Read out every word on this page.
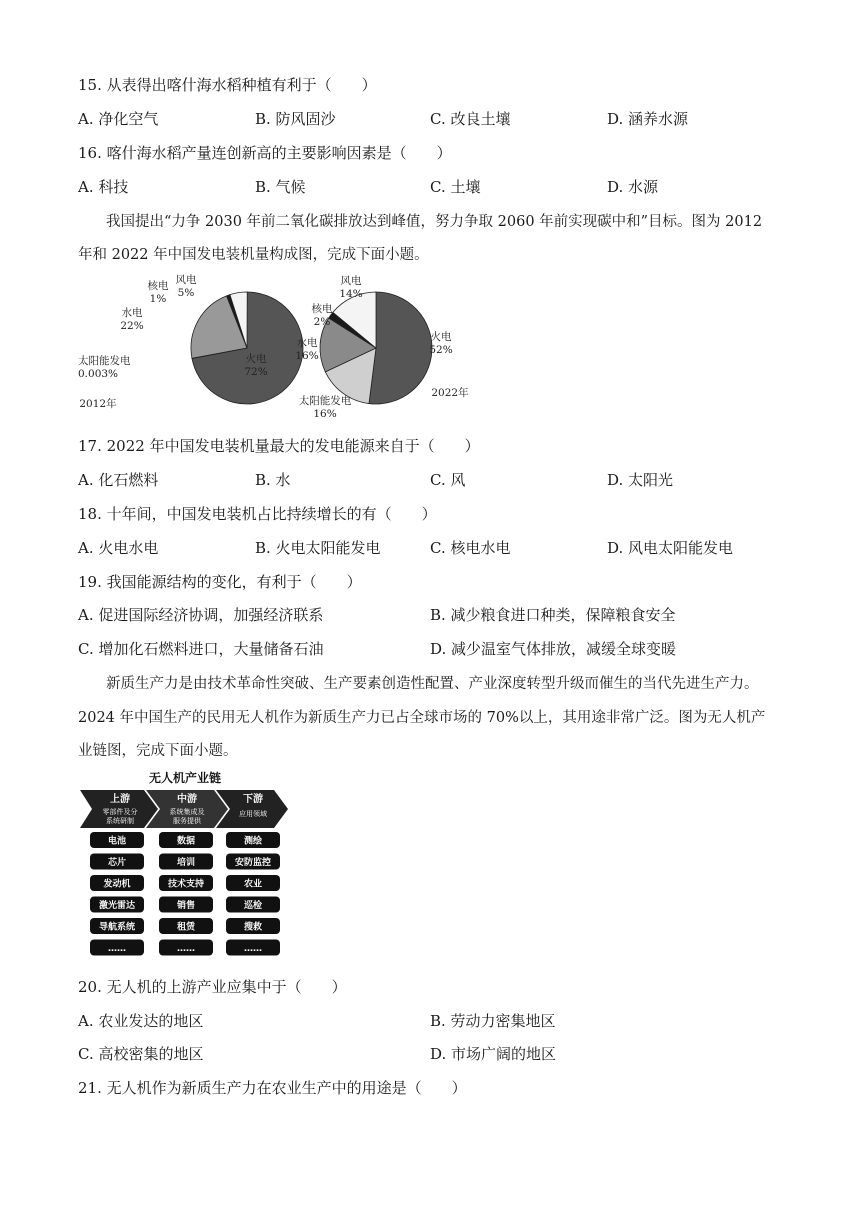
15. 从表得出喀什海水稻种植有利于（　　）
A. 净化空气	B. 防风固沙	C. 改良土壤	D. 涵养水源
16. 喀什海水稻产量连创新高的主要影响因素是（　　）
A. 科技	B. 气候	C. 土壤	D. 水源
我国提出“力争 2030 年前二氧化碳排放达到峰值，努力争取 2060 年前实现碳中和”目标。图为 2012
年和 2022 年中国发电装机量构成图，完成下面小题。
风电
5%
核电
1%
水电
22%
太阳能发电
0.003%
火电
72%
2012年
风电
14%
核电
2%
水电
16%
太阳能发电
16%
火电
52%
2022年
17. 2022 年中国发电装机量最大的发电能源来自于（　　）
A. 化石燃料	B. 水	C. 风	D. 太阳光
18. 十年间，中国发电装机占比持续增长的有（　　）
A. 火电水电	B. 火电太阳能发电	C. 核电水电	D. 风电太阳能发电
19. 我国能源结构的变化，有利于（　　）
A. 促进国际经济协调，加强经济联系	B. 减少粮食进口种类，保障粮食安全
C. 增加化石燃料进口，大量储备石油	D. 减少温室气体排放，减缓全球变暖
新质生产力是由技术革命性突破、生产要素创造性配置、产业深度转型升级而催生的当代先进生产力。
2024 年中国生产的民用无人机作为新质生产力已占全球市场的 70%以上，其用途非常广泛。图为无人机产
业链图，完成下面小题。
无人机产业链
上游
零部件及分
系统研制
中游
系统集成及
服务提供
下游
应用领域
电池
芯片
发动机
激光雷达
导航系统
……
数据
培训
技术支持
销售
租赁
……
测绘
安防监控
农业
巡检
搜救
……
20. 无人机的上游产业应集中于（　　）
A. 农业发达的地区	B. 劳动力密集地区
C. 高校密集的地区	D. 市场广阔的地区
21. 无人机作为新质生产力在农业生产中的用途是（　　）
